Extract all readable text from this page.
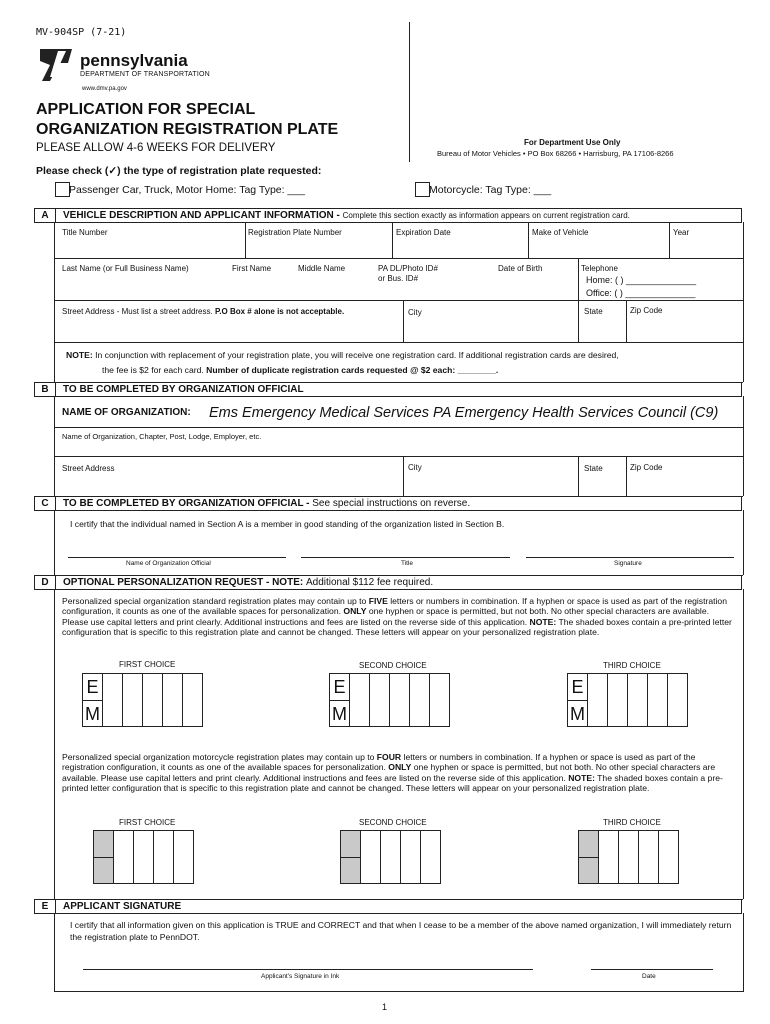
MV-904SP (7-21)
pennsylvania
DEPARTMENT OF TRANSPORTATION
www.dmv.pa.gov
APPLICATION FOR SPECIAL
ORGANIZATION REGISTRATION PLATE
PLEASE ALLOW 4-6 WEEKS FOR DELIVERY	For Department Use Only
Bureau of Motor Vehicles • PO Box 68266 • Harrisburg, PA 17106-8266
Please check (✓) the type of registration plate requested:
Passenger Car, Truck, Motor Home: Tag Type: ___	Motorcycle: Tag Type: ___
A	VEHICLE DESCRIPTION AND APPLICANT INFORMATION - Complete this section exactly as information appears on current registration card.
Title Number	Registration Plate Number	Expiration Date	Make of Vehicle	Year
Last Name (or Full Business Name)	First Name	Middle Name	PA DL/Photo ID#
or Bus. ID#
Date of Birth	Telephone
Home: ( ) ______________
Office: ( ) ______________
Street Address - Must list a street address. P.O Box # alone is not acceptable.	City	State	Zip Code
NOTE: In conjunction with replacement of your registration plate, you will receive one registration card. If additional registration cards are desired,
the fee is $2 for each card. Number of duplicate registration cards requested @ $2 each: ________.
B	TO BE COMPLETED BY ORGANIZATION OFFICIAL
NAME OF ORGANIZATION: Ems Emergency Medical Services PA Emergency Health Services Council (C9)
Name of Organization, Chapter, Post, Lodge, Employer, etc.
Street Address	City	State	Zip Code
C	TO BE COMPLETED BY ORGANIZATION OFFICIAL - See special instructions on reverse.
I certify that the individual named in Section A is a member in good standing of the organization listed in Section B.
Name of Organization Official	Title	Signature
D	OPTIONAL PERSONALIZATION REQUEST - NOTE: Additional $112 fee required.
Personalized special organization standard registration plates may contain up to FIVE letters or numbers in combination. If a hyphen or space is used as part of the registration configuration, it counts as one of the available spaces for personalization. ONLY one hyphen or space is permitted, but not both. No other special characters are available. Please use capital letters and print clearly. Additional instructions and fees are listed on the reverse side of this application. NOTE: The shaded boxes contain a pre-printed letter configuration that is specific to this registration plate and cannot be changed. These letters will appear on your personalized registration plate.
FIRST CHOICE	SECOND CHOICE	THIRD CHOICE
E
M
E
M
E
M
Personalized special organization motorcycle registration plates may contain up to FOUR letters or numbers in combination. If a hyphen or space is used as part of the registration configuration, it counts as one of the available spaces for personalization. ONLY one hyphen or space is permitted, but not both. No other special characters are available. Please use capital letters and print clearly. Additional instructions and fees are listed on the reverse side of this application. NOTE: The shaded boxes contain a pre-printed letter configuration that is specific to this registration plate and cannot be changed. These letters will appear on your personalized registration plate.
FIRST CHOICE	SECOND CHOICE	THIRD CHOICE
E	APPLICANT SIGNATURE
I certify that all information given on this application is TRUE and CORRECT and that when I cease to be a member of the above named organization, I will immediately return the registration plate to PennDOT.
Applicant's Signature in Ink	Date
1
